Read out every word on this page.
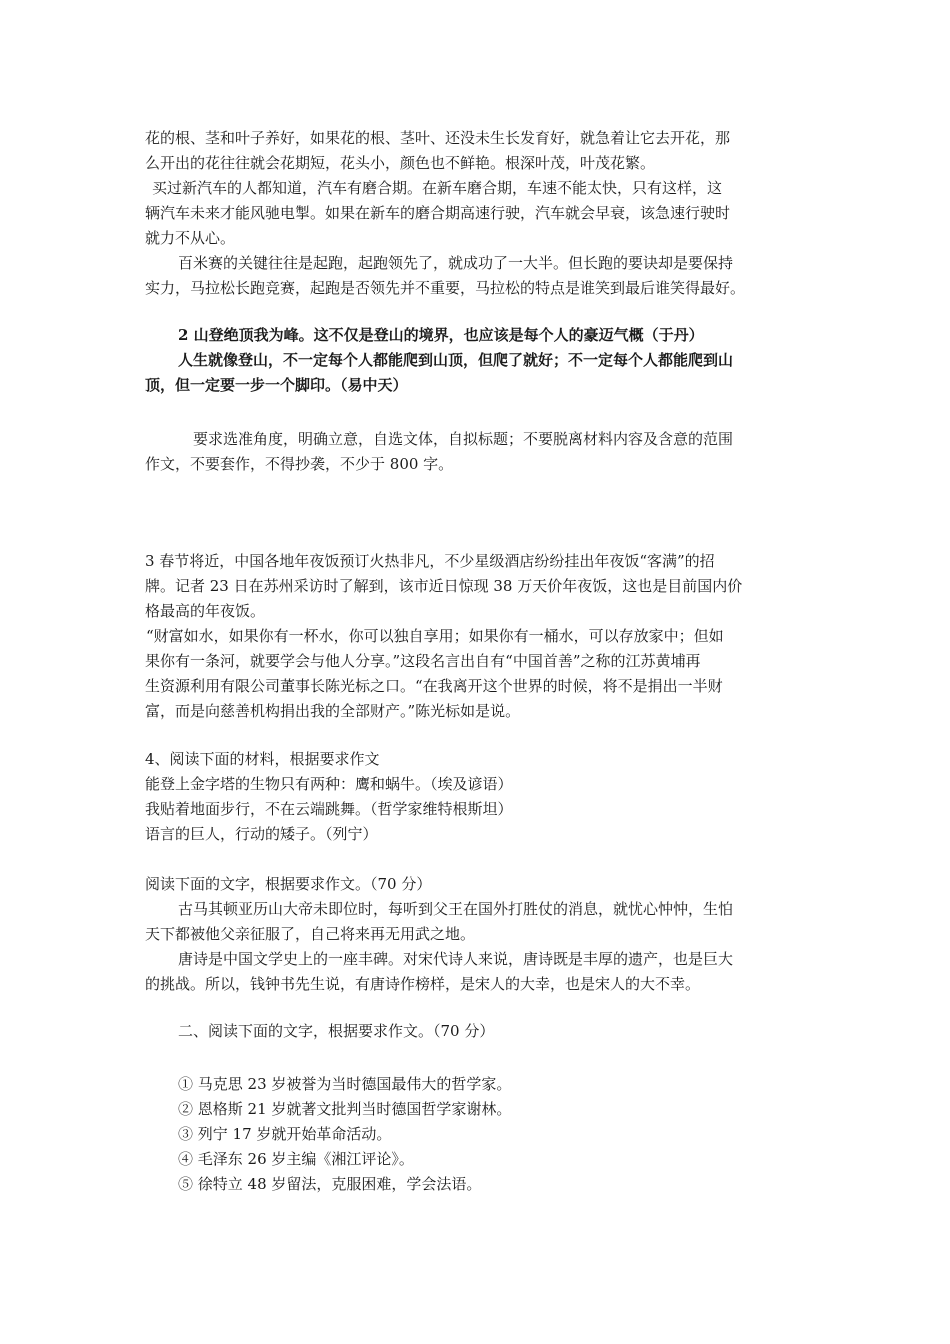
花的根、茎和叶子养好，如果花的根、茎叶、还没未生长发育好，就急着让它去开花，那
么开出的花往往就会花期短，花头小，颜色也不鲜艳。根深叶茂，叶茂花繁。
买过新汽车的人都知道，汽车有磨合期。在新车磨合期，车速不能太快，只有这样，这
辆汽车未来才能风驰电掣。如果在新车的磨合期高速行驶，汽车就会早衰，该急速行驶时
就力不从心。
百米赛的关键往往是起跑，起跑领先了，就成功了一大半。但长跑的要诀却是要保持
实力，马拉松长跑竞赛，起跑是否领先并不重要，马拉松的特点是谁笑到最后谁笑得最好。
2 山登绝顶我为峰。这不仅是登山的境界，也应该是每个人的豪迈气概（于丹）
人生就像登山，不一定每个人都能爬到山顶，但爬了就好；不一定每个人都能爬到山
顶，但一定要一步一个脚印。（易中天）
要求选准角度，明确立意，自选文体，自拟标题；不要脱离材料内容及含意的范围
作文，不要套作，不得抄袭，不少于 800 字。
3 春节将近，中国各地年夜饭预订火热非凡，不少星级酒店纷纷挂出年夜饭“客满”的招
牌。记者 23 日在苏州采访时了解到，该市近日惊现 38 万天价年夜饭，这也是目前国内价
格最高的年夜饭。
“财富如水，如果你有一杯水，你可以独自享用；如果你有一桶水，可以存放家中；但如
果你有一条河，就要学会与他人分享。”这段名言出自有“中国首善”之称的江苏黄埔再
生资源利用有限公司董事长陈光标之口。“在我离开这个世界的时候，将不是捐出一半财
富，而是向慈善机构捐出我的全部财产。”陈光标如是说。
4、阅读下面的材料，根据要求作文
能登上金字塔的生物只有两种：鹰和蜗牛。（埃及谚语）
我贴着地面步行，不在云端跳舞。（哲学家维特根斯坦）
语言的巨人，行动的矮子。（列宁）
阅读下面的文字，根据要求作文。（70 分）
古马其顿亚历山大帝未即位时，每听到父王在国外打胜仗的消息，就忧心忡忡，生怕
天下都被他父亲征服了，自己将来再无用武之地。
唐诗是中国文学史上的一座丰碑。对宋代诗人来说，唐诗既是丰厚的遗产，也是巨大
的挑战。所以，钱钟书先生说，有唐诗作榜样，是宋人的大幸，也是宋人的大不幸。
二、阅读下面的文字，根据要求作文。（70 分）
① 马克思 23 岁被誉为当时德国最伟大的哲学家。
② 恩格斯 21 岁就著文批判当时德国哲学家谢林。
③ 列宁 17 岁就开始革命活动。
④ 毛泽东 26 岁主编《湘江评论》。
⑤ 徐特立 48 岁留法，克服困难，学会法语。
